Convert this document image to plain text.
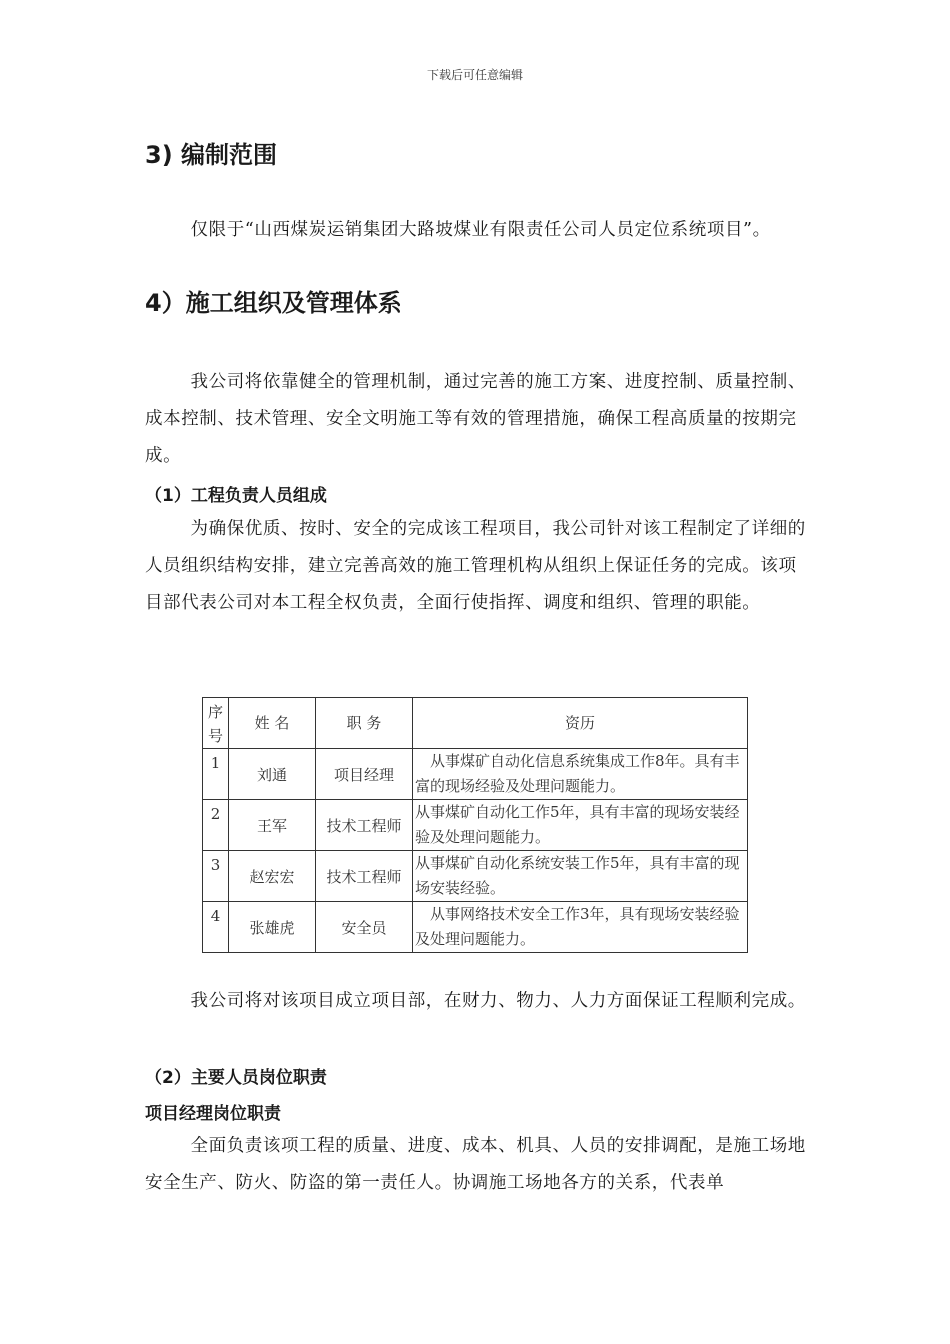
下载后可任意编辑
3) 编制范围

仅限于“山西煤炭运销集团大路坡煤业有限责任公司人员定位系统项目”。

4）施工组织及管理体系

我公司将依靠健全的管理机制，通过完善的施工方案、进度控制、质量控制、成本控制、技术管理、安全文明施工等有效的管理措施，确保工程高质量的按期完成。

（1）工程负责人员组成

为确保优质、按时、安全的完成该工程项目，我公司针对该工程制定了详细的人员组织结构安排，建立完善高效的施工管理机构从组织上保证任务的完成。该项目部代表公司对本工程全权负责，全面行使指挥、调度和组织、管理的职能。

序号	姓 名	职 务	资历
1	刘通	项目经理	从事煤矿自动化信息系统集成工作8年。具有丰富的现场经验及处理问题能力。
2	王军	技术工程师	从事煤矿自动化工作5年，具有丰富的现场安装经验及处理问题能力。
3	赵宏宏	技术工程师	从事煤矿自动化系统安装工作5年，具有丰富的现场安装经验。
4	张雄虎	安全员	从事网络技术安全工作3年，具有现场安装经验及处理问题能力。

我公司将对该项目成立项目部，在财力、物力、人力方面保证工程顺利完成。

（2）主要人员岗位职责
项目经理岗位职责

全面负责该项工程的质量、进度、成本、机具、人员的安排调配，是施工场地安全生产、防火、防盗的第一责任人。协调施工场地各方的关系，代表单
